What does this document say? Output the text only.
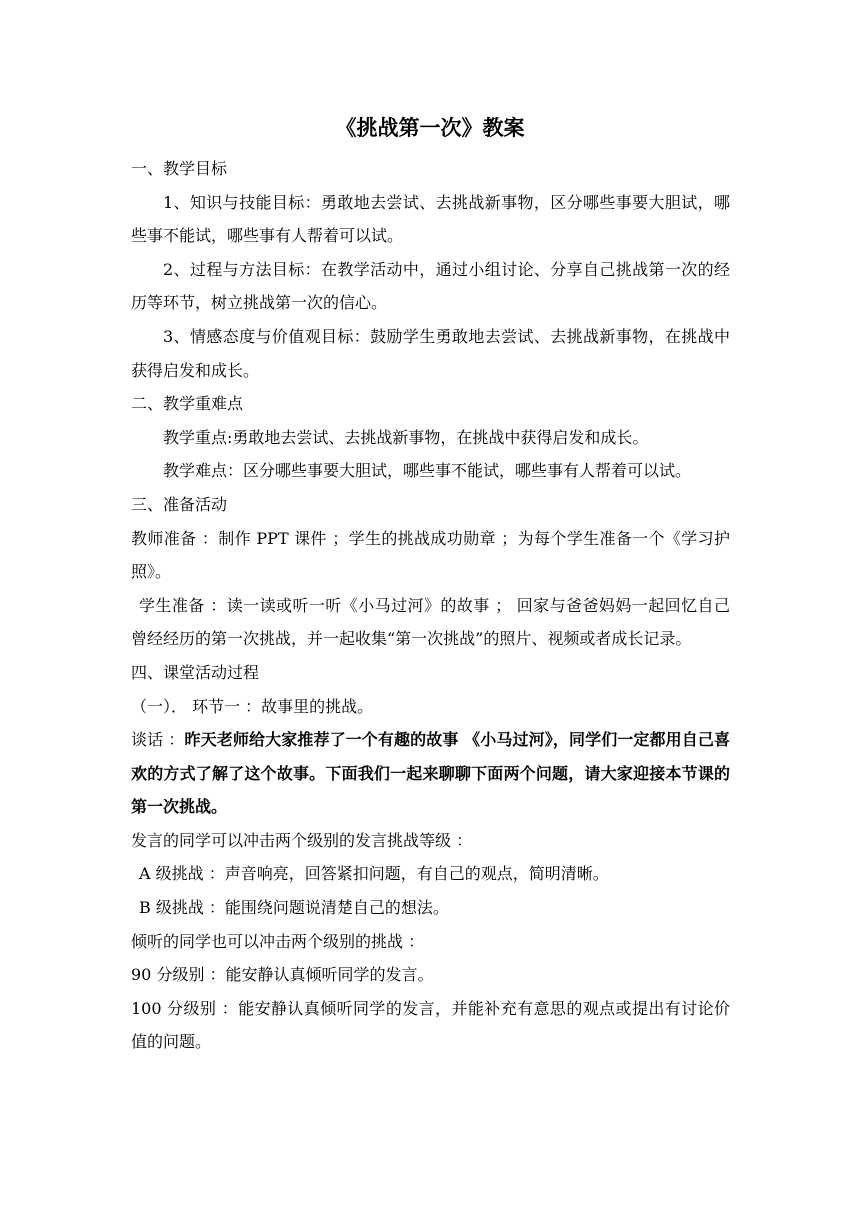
《挑战第一次》教案

一、教学目标

1、知识与技能目标：勇敢地去尝试、去挑战新事物，区分哪些事要大胆试，哪些事不能试，哪些事有人帮着可以试。

2、过程与方法目标：在教学活动中，通过小组讨论、分享自己挑战第一次的经历等环节，树立挑战第一次的信心。

3、情感态度与价值观目标：鼓励学生勇敢地去尝试、去挑战新事物，在挑战中获得启发和成长。

二、教学重难点

教学重点:勇敢地去尝试、去挑战新事物，在挑战中获得启发和成长。

教学难点：区分哪些事要大胆试，哪些事不能试，哪些事有人帮着可以试。

三、准备活动

教师准备 ：制作 PPT 课件 ；学生的挑战成功勋章 ；为每个学生准备一个《学习护照》。

学生准备 ：读一读或听一听《小马过河》的故事 ； 回家与爸爸妈妈一起回忆自己曾经经历的第一次挑战，并一起收集“第一次挑战”的照片、视频或者成长记录。

四、课堂活动过程

（一）． 环节一 ：故事里的挑战。

谈话 ：昨天老师给大家推荐了一个有趣的故事 《小马过河》，同学们一定都用自己喜欢的方式了解了这个故事。下面我们一起来聊聊下面两个问题，请大家迎接本节课的第一次挑战。

发言的同学可以冲击两个级别的发言挑战等级 ：

A 级挑战 ：声音响亮，回答紧扣问题，有自己的观点，简明清晰。

B 级挑战 ：能围绕问题说清楚自己的想法。

倾听的同学也可以冲击两个级别的挑战 ：

90 分级别 ：能安静认真倾听同学的发言。

100 分级别 ：能安静认真倾听同学的发言，并能补充有意思的观点或提出有讨论价值的问题。
